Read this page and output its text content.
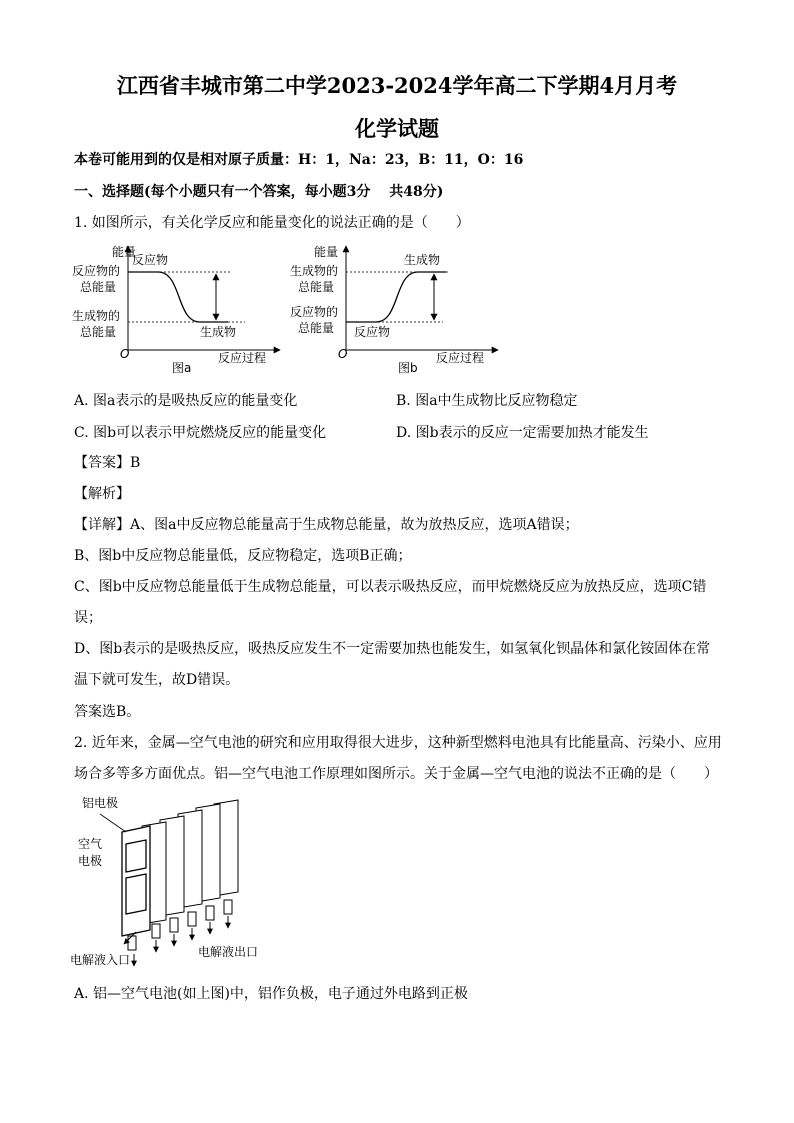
江西省丰城市第二中学2023-2024学年高二下学期4月月考
化学试题
本卷可能用到的仅是相对原子质量：H：1，Na：23，B：11，O：16
一、选择题(每个小题只有一个答案，每小题3分　 共48分)
1. 如图所示，有关化学反应和能量变化的说法正确的是（　　）
能量
反应物的
总能量
生成物的
总能量
反应物
生成物
O	反应过程
图a
能量
生成物的
总能量
反应物的
总能量 反应物
生成物
O	反应过程
图b
A. 图a表示的是吸热反应的能量变化	B. 图a中生成物比反应物稳定
C. 图b可以表示甲烷燃烧反应的能量变化	D. 图b表示的反应一定需要加热才能发生
【答案】B
【解析】
【详解】A、图a中反应物总能量高于生成物总能量，故为放热反应，选项A错误；
B、图b中反应物总能量低，反应物稳定，选项B正确；
C、图b中反应物总能量低于生成物总能量，可以表示吸热反应，而甲烷燃烧反应为放热反应，选项C错误；
D、图b表示的是吸热反应，吸热反应发生不一定需要加热也能发生，如氢氧化钡晶体和氯化铵固体在常温下就可发生，故D错误。
答案选B。
2. 近年来，金属—空气电池的研究和应用取得很大进步，这种新型燃料电池具有比能量高、污染小、应用场合多等多方面优点。铝—空气电池工作原理如图所示。关于金属—空气电池的说法不正确的是（　　）
铝电极
空气
电极
电解液入口
电解液出口
A. 铝—空气电池(如上图)中，铝作负极，电子通过外电路到正极
